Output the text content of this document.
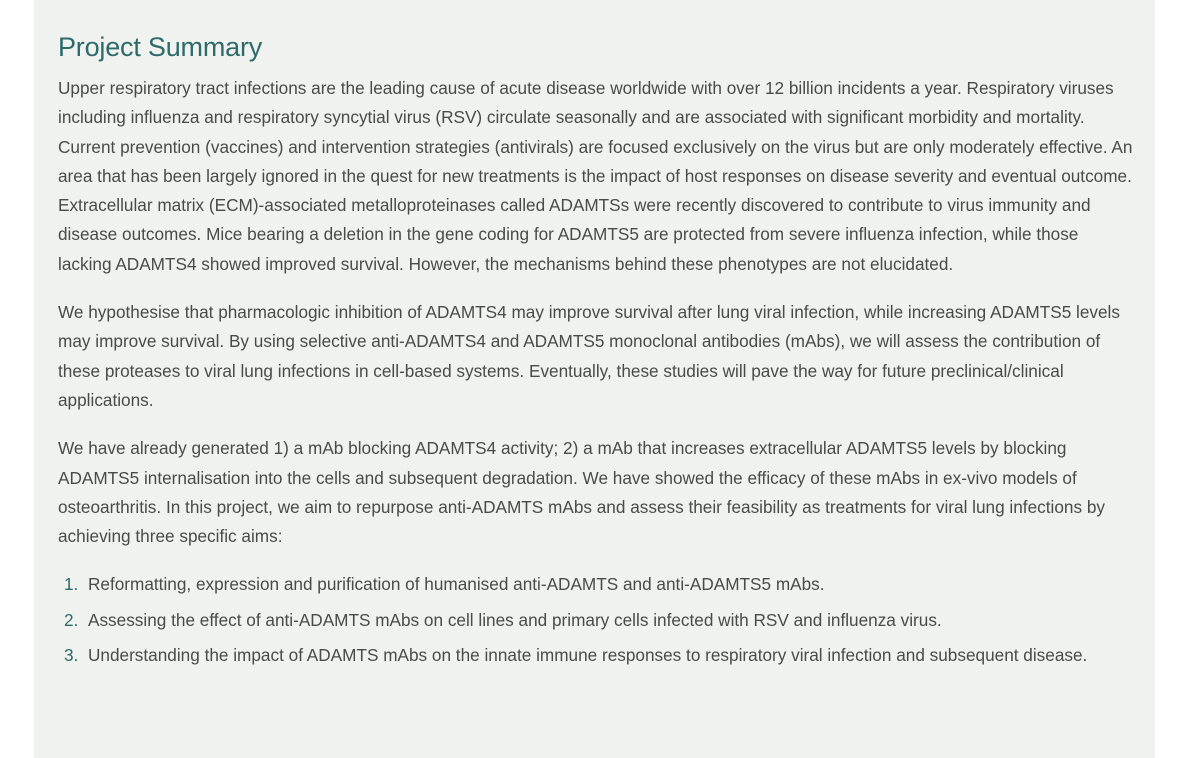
Project Summary

Upper respiratory tract infections are the leading cause of acute disease worldwide with over 12 billion incidents a year. Respiratory viruses including influenza and respiratory syncytial virus (RSV) circulate seasonally and are associated with significant morbidity and mortality. Current prevention (vaccines) and intervention strategies (antivirals) are focused exclusively on the virus but are only moderately effective. An area that has been largely ignored in the quest for new treatments is the impact of host responses on disease severity and eventual outcome. Extracellular matrix (ECM)-associated metalloproteinases called ADAMTSs were recently discovered to contribute to virus immunity and disease outcomes. Mice bearing a deletion in the gene coding for ADAMTS5 are protected from severe influenza infection, while those lacking ADAMTS4 showed improved survival. However, the mechanisms behind these phenotypes are not elucidated.

We hypothesise that pharmacologic inhibition of ADAMTS4 may improve survival after lung viral infection, while increasing ADAMTS5 levels may improve survival. By using selective anti-ADAMTS4 and ADAMTS5 monoclonal antibodies (mAbs), we will assess the contribution of these proteases to viral lung infections in cell-based systems. Eventually, these studies will pave the way for future preclinical/clinical applications.

We have already generated 1) a mAb blocking ADAMTS4 activity; 2) a mAb that increases extracellular ADAMTS5 levels by blocking ADAMTS5 internalisation into the cells and subsequent degradation. We have showed the efficacy of these mAbs in ex-vivo models of osteoarthritis. In this project, we aim to repurpose anti-ADAMTS mAbs and assess their feasibility as treatments for viral lung infections by achieving three specific aims:

1. Reformatting, expression and purification of humanised anti-ADAMTS and anti-ADAMTS5 mAbs.
2. Assessing the effect of anti-ADAMTS mAbs on cell lines and primary cells infected with RSV and influenza virus.
3. Understanding the impact of ADAMTS mAbs on the innate immune responses to respiratory viral infection and subsequent disease.
